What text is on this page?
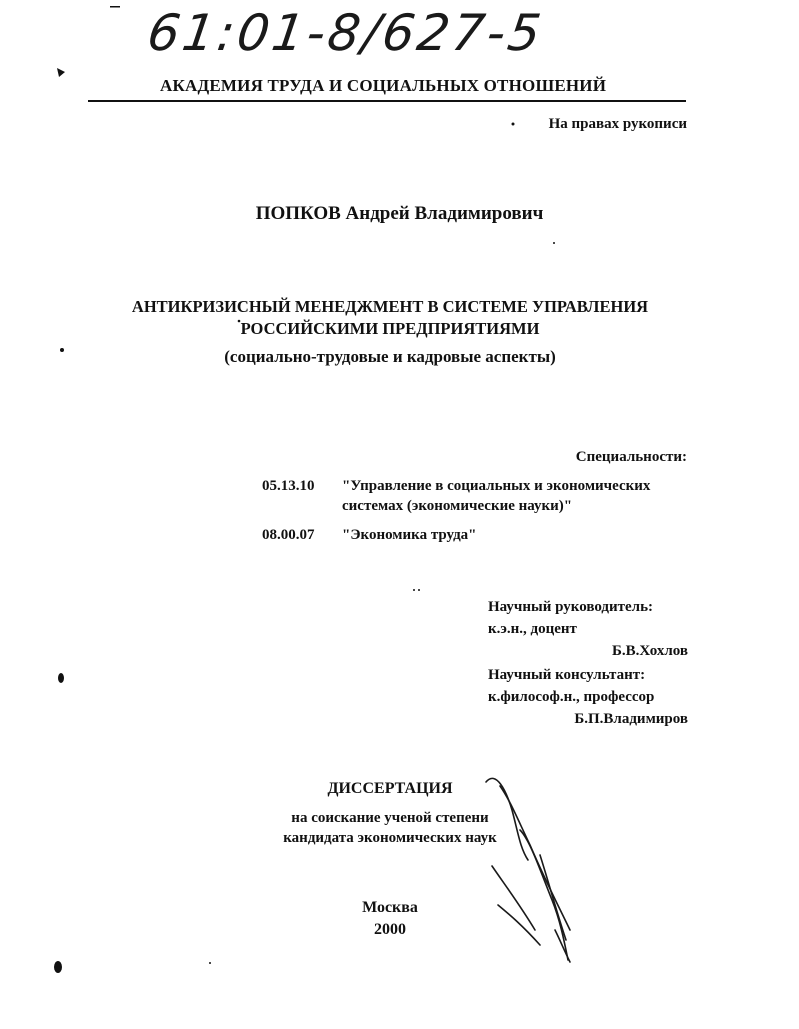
61:01-8/627-5
АКАДЕМИЯ ТРУДА И СОЦИАЛЬНЫХ ОТНОШЕНИЙ
На правах рукописи
ПОПКОВ Андрей Владимирович
АНТИКРИЗИСНЫЙ МЕНЕДЖМЕНТ В СИСТЕМЕ УПРАВЛЕНИЯ
РОССИЙСКИМИ ПРЕДПРИЯТИЯМИ
(социально-трудовые и кадровые аспекты)
Специальности:
05.13.10 "Управление в социальных и экономических
системах (экономические науки)"
08.00.07 "Экономика труда"
Научный руководитель:
к.э.н., доцент
Б.В.Хохлов
Научный консультант:
к.философ.н., профессор
Б.П.Владимиров
ДИССЕРТАЦИЯ
на соискание ученой степени
кандидата экономических наук
Москва
2000
